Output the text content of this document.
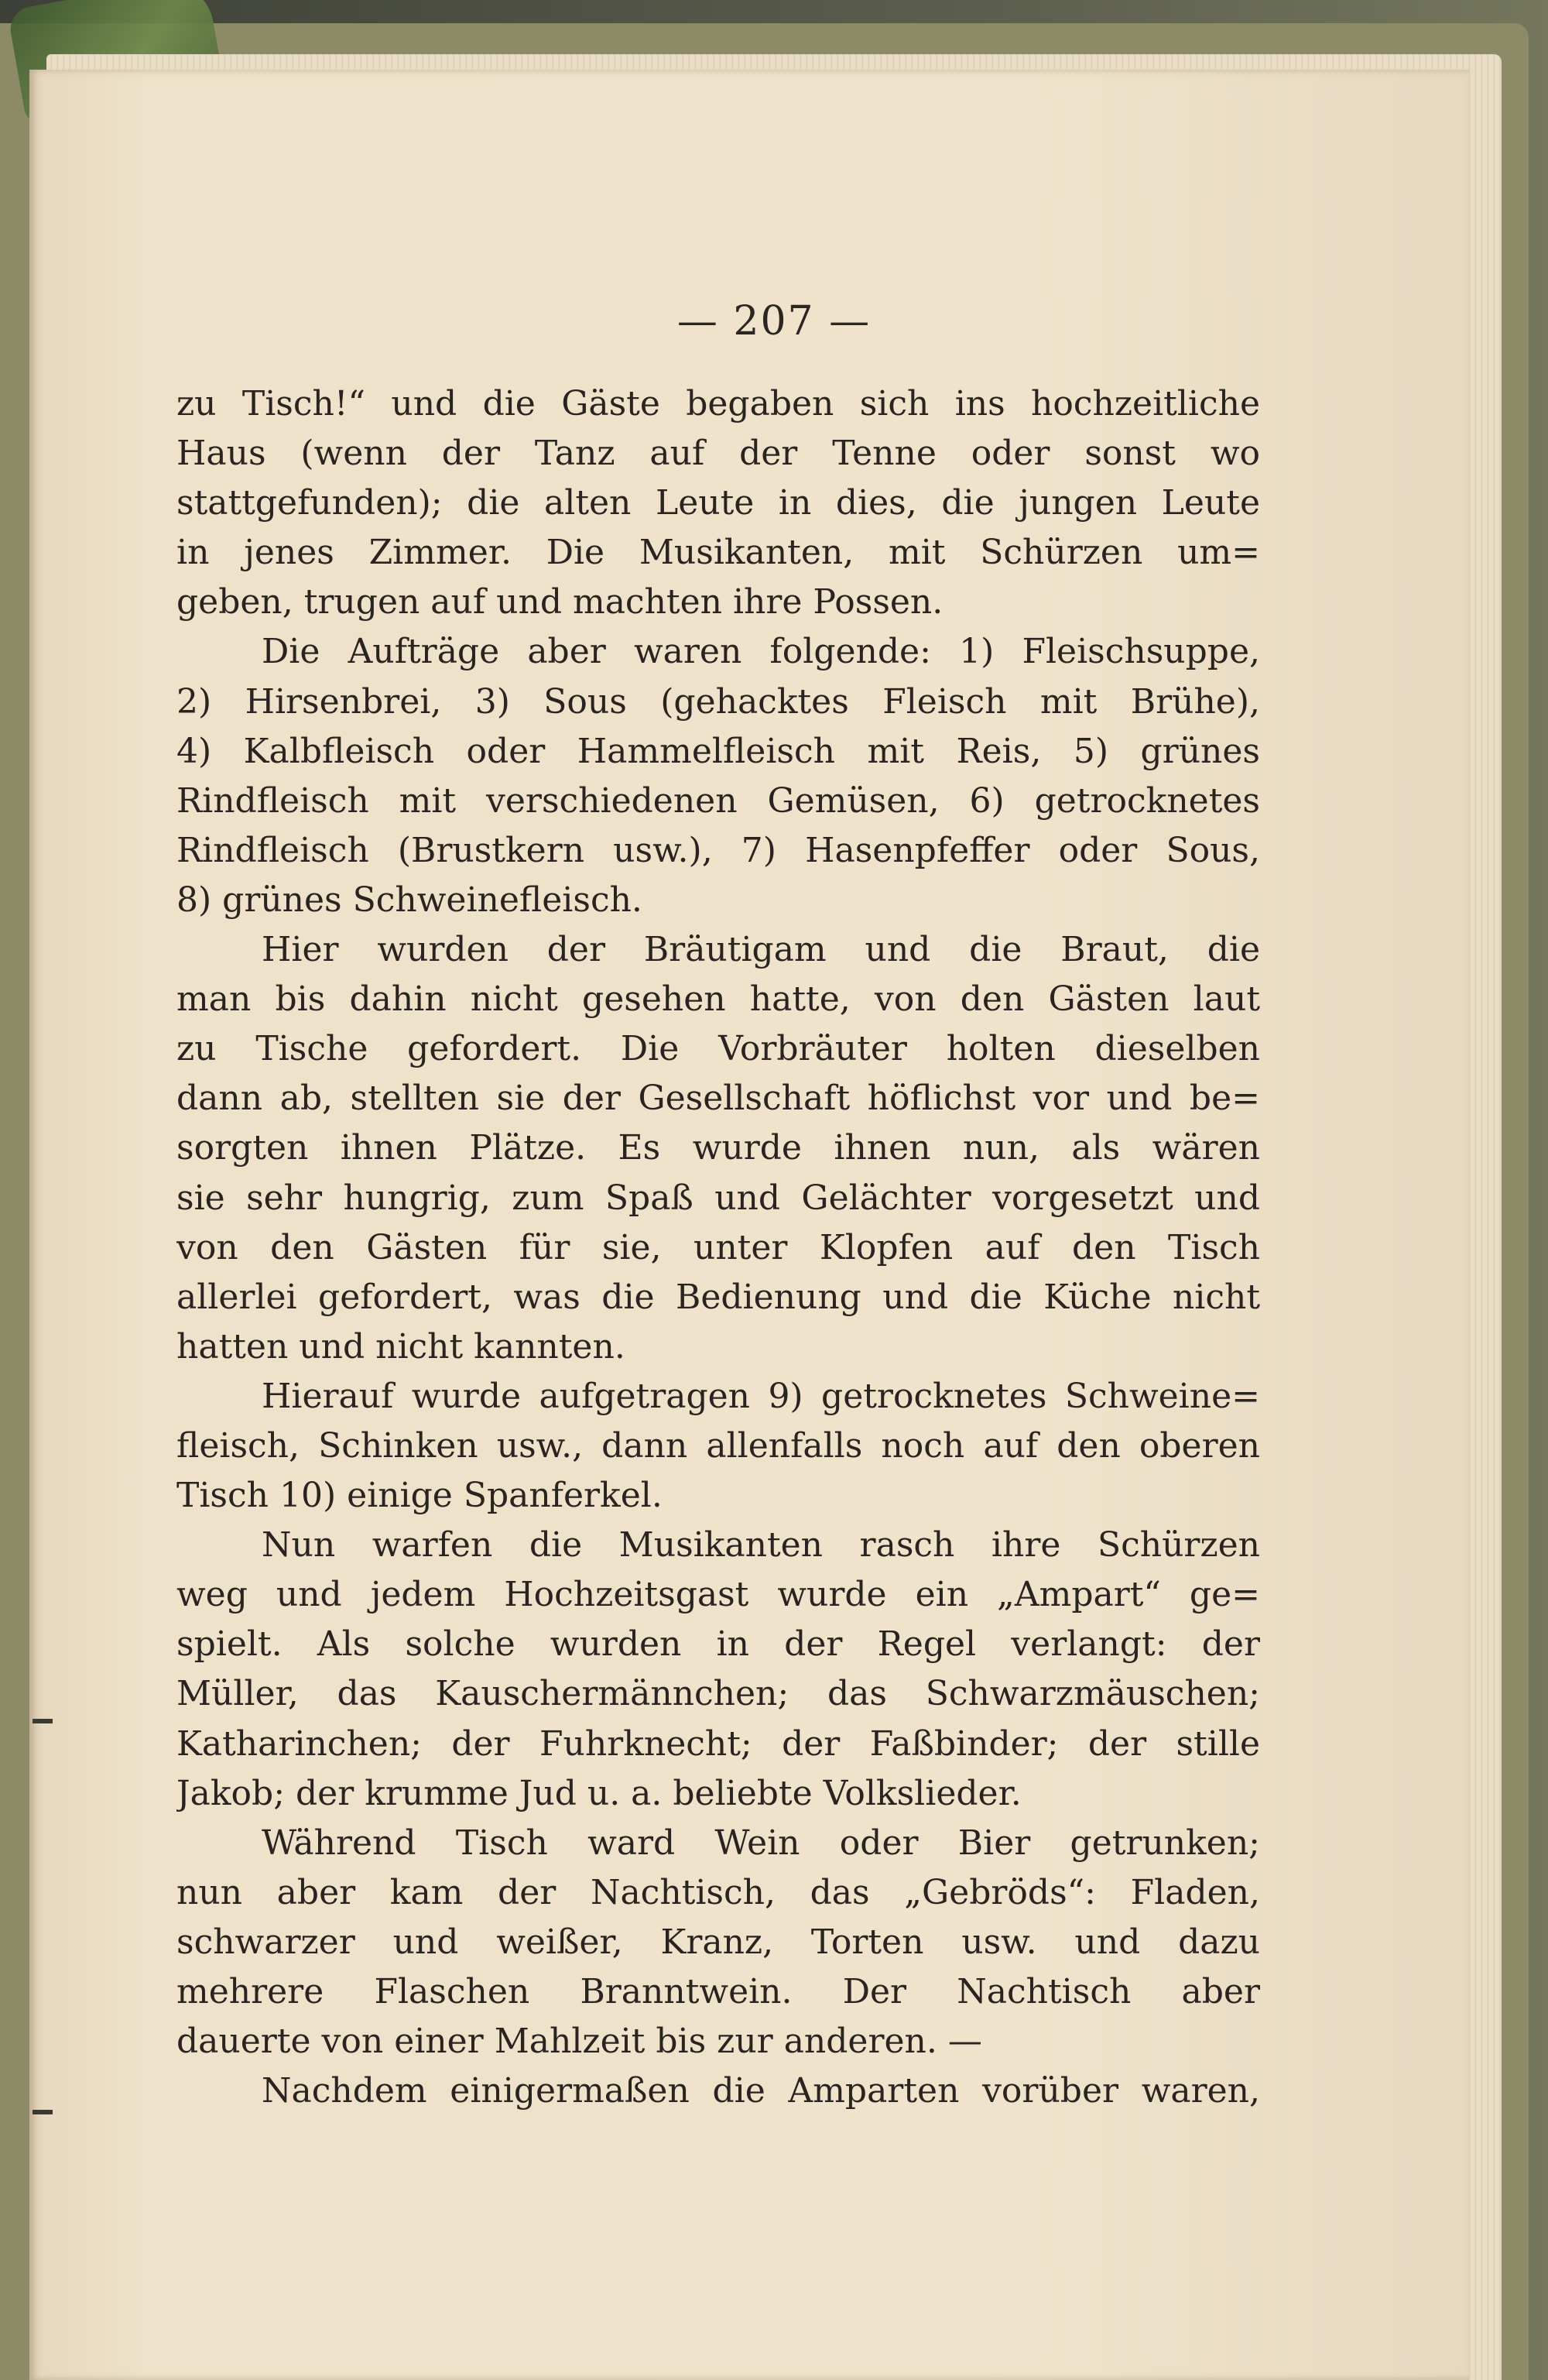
— 207 —
zu Tisch!“ und die Gäste begaben sich ins hochzeitliche
Haus (wenn der Tanz auf der Tenne oder sonst wo
stattgefunden); die alten Leute in dies, die jungen Leute
in jenes Zimmer. Die Musikanten, mit Schürzen um=
geben, trugen auf und machten ihre Possen.
Die Aufträge aber waren folgende: 1) Fleischsuppe,
2) Hirsenbrei, 3) Sous (gehacktes Fleisch mit Brühe),
4) Kalbfleisch oder Hammelfleisch mit Reis, 5) grünes
Rindfleisch mit verschiedenen Gemüsen, 6) getrocknetes
Rindfleisch (Brustkern usw.), 7) Hasenpfeffer oder Sous,
8) grünes Schweinefleisch.
Hier wurden der Bräutigam und die Braut, die
man bis dahin nicht gesehen hatte, von den Gästen laut
zu Tische gefordert. Die Vorbräuter holten dieselben
dann ab, stellten sie der Gesellschaft höflichst vor und be=
sorgten ihnen Plätze. Es wurde ihnen nun, als wären
sie sehr hungrig, zum Spaß und Gelächter vorgesetzt und
von den Gästen für sie, unter Klopfen auf den Tisch
allerlei gefordert, was die Bedienung und die Küche nicht
hatten und nicht kannten.
Hierauf wurde aufgetragen 9) getrocknetes Schweine=
fleisch, Schinken usw., dann allenfalls noch auf den oberen
Tisch 10) einige Spanferkel.
Nun warfen die Musikanten rasch ihre Schürzen
weg und jedem Hochzeitsgast wurde ein „Ampart“ ge=
spielt. Als solche wurden in der Regel verlangt: der
Müller, das Kauschermännchen; das Schwarzmäuschen;
Katharinchen; der Fuhrknecht; der Faßbinder; der stille
Jakob; der krumme Jud u. a. beliebte Volkslieder.
Während Tisch ward Wein oder Bier getrunken;
nun aber kam der Nachtisch, das „Gebröds“: Fladen,
schwarzer und weißer, Kranz, Torten usw. und dazu
mehrere Flaschen Branntwein. Der Nachtisch aber
dauerte von einer Mahlzeit bis zur anderen. —
Nachdem einigermaßen die Amparten vorüber waren,
